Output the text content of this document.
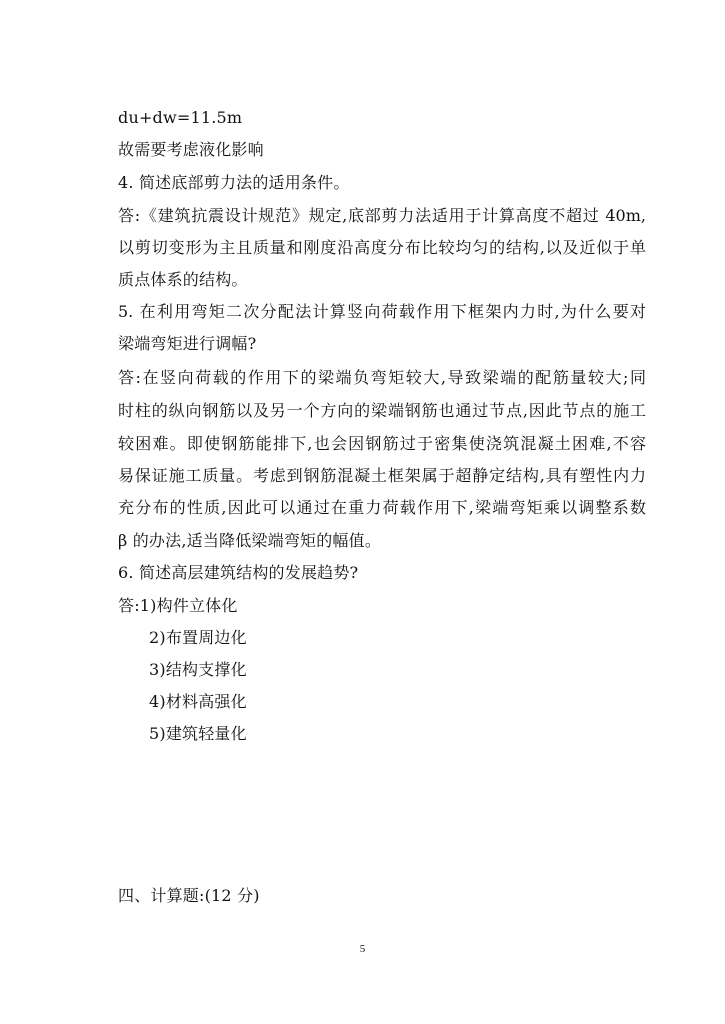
du+dw=11.5m
故需要考虑液化影响
4. 简述底部剪力法的适用条件。
答:《建筑抗震设计规范》规定,底部剪力法适用于计算高度不超过 40m,
以剪切变形为主且质量和刚度沿高度分布比较均匀的结构,以及近似于单
质点体系的结构。
5. 在利用弯矩二次分配法计算竖向荷载作用下框架内力时,为什么要对
梁端弯矩进行调幅?
答:在竖向荷载的作用下的梁端负弯矩较大,导致梁端的配筋量较大;同
时柱的纵向钢筋以及另一个方向的梁端钢筋也通过节点,因此节点的施工
较困难。即使钢筋能排下,也会因钢筋过于密集使浇筑混凝土困难,不容
易保证施工质量。考虑到钢筋混凝土框架属于超静定结构,具有塑性内力
充分布的性质,因此可以通过在重力荷载作用下,梁端弯矩乘以调整系数
β 的办法,适当降低梁端弯矩的幅值。
6. 简述高层建筑结构的发展趋势?
答:1)构件立体化
2)布置周边化
3)结构支撑化
4)材料高强化
5)建筑轻量化
四、计算题:(12 分)
5
